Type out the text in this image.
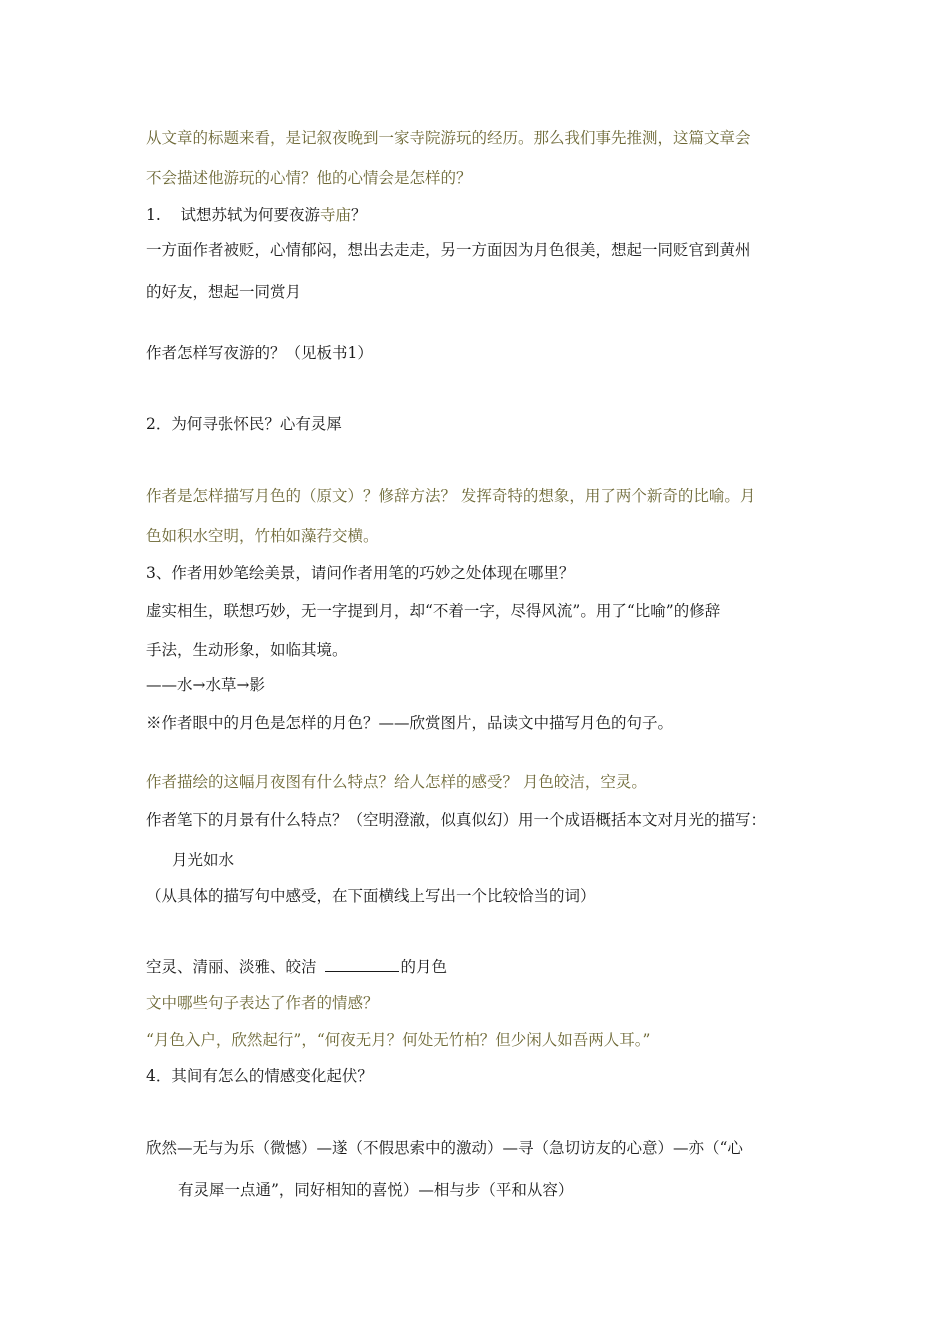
从文章的标题来看，是记叙夜晚到一家寺院游玩的经历。那么我们事先推测，这篇文章会
不会描述他游玩的心情？他的心情会是怎样的？
1. 试想苏轼为何要夜游寺庙？
一方面作者被贬，心情郁闷，想出去走走，另一方面因为月色很美，想起一同贬官到黄州
的好友，想起一同赏月
作者怎样写夜游的？（见板书1）
2．为何寻张怀民？心有灵犀
作者是怎样描写月色的（原文）？修辞方法？ 发挥奇特的想象，用了两个新奇的比喻。月
色如积水空明，竹柏如藻荇交横。
3、作者用妙笔绘美景，请问作者用笔的巧妙之处体现在哪里？
虚实相生，联想巧妙，无一字提到月，却“不着一字，尽得风流”。用了“比喻”的修辞
手法，生动形象，如临其境。
——水→水草→影
※作者眼中的月色是怎样的月色？——欣赏图片，品读文中描写月色的句子。
作者描绘的这幅月夜图有什么特点？给人怎样的感受？ 月色皎洁，空灵。
作者笔下的月景有什么特点？（空明澄澈，似真似幻）用一个成语概括本文对月光的描写：
月光如水
（从具体的描写句中感受，在下面横线上写出一个比较恰当的词）
空灵、清丽、淡雅、皎洁	的月色
文中哪些句子表达了作者的情感？
“月色入户，欣然起行”，“何夜无月？何处无竹柏？但少闲人如吾两人耳。”
4．其间有怎么的情感变化起伏？
欣然—无与为乐（微憾）—遂（不假思索中的激动）—寻（急切访友的心意）—亦（“心
有灵犀一点通”，同好相知的喜悦）—相与步（平和从容）
